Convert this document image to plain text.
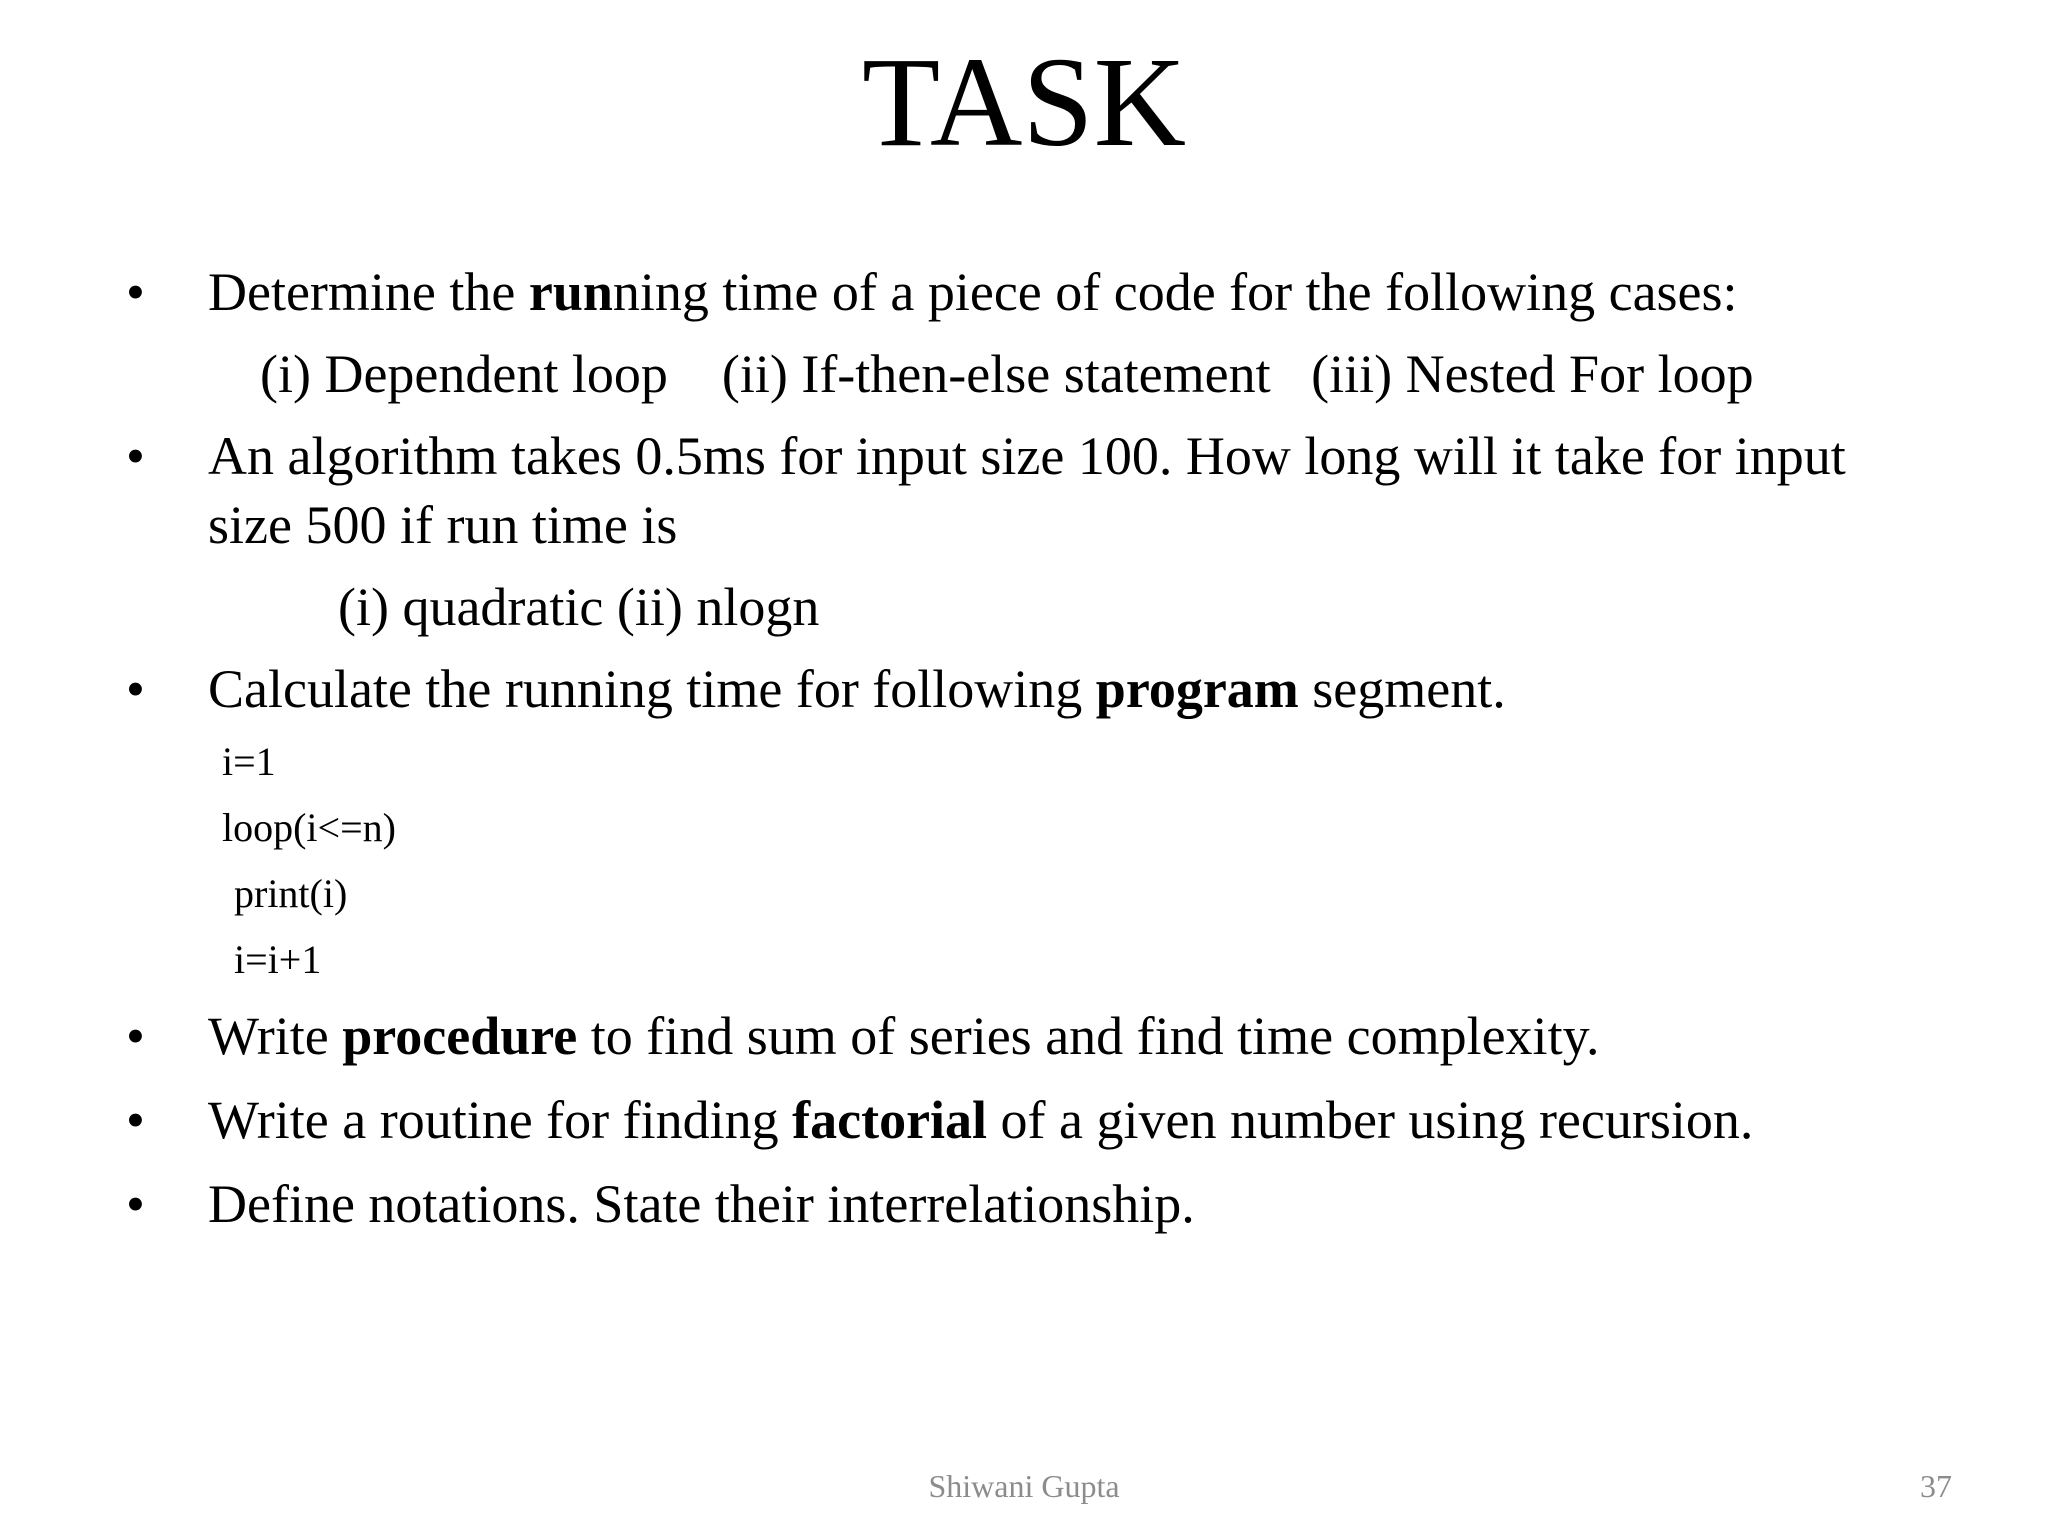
TASK
• Determine the running time of a piece of code for the following cases:
(i) Dependent loop    (ii) If-then-else statement   (iii) Nested For loop
• An algorithm takes 0.5ms for input size 100. How long will it take for input
size 500 if run time is
(i) quadratic (ii) nlogn
• Calculate the running time for following program segment.
i=1
loop(i<=n)
print(i)
i=i+1
• Write procedure to find sum of series and find time complexity.
• Write a routine for finding factorial of a given number using recursion.
• Define notations. State their interrelationship.
Shiwani Gupta	37
